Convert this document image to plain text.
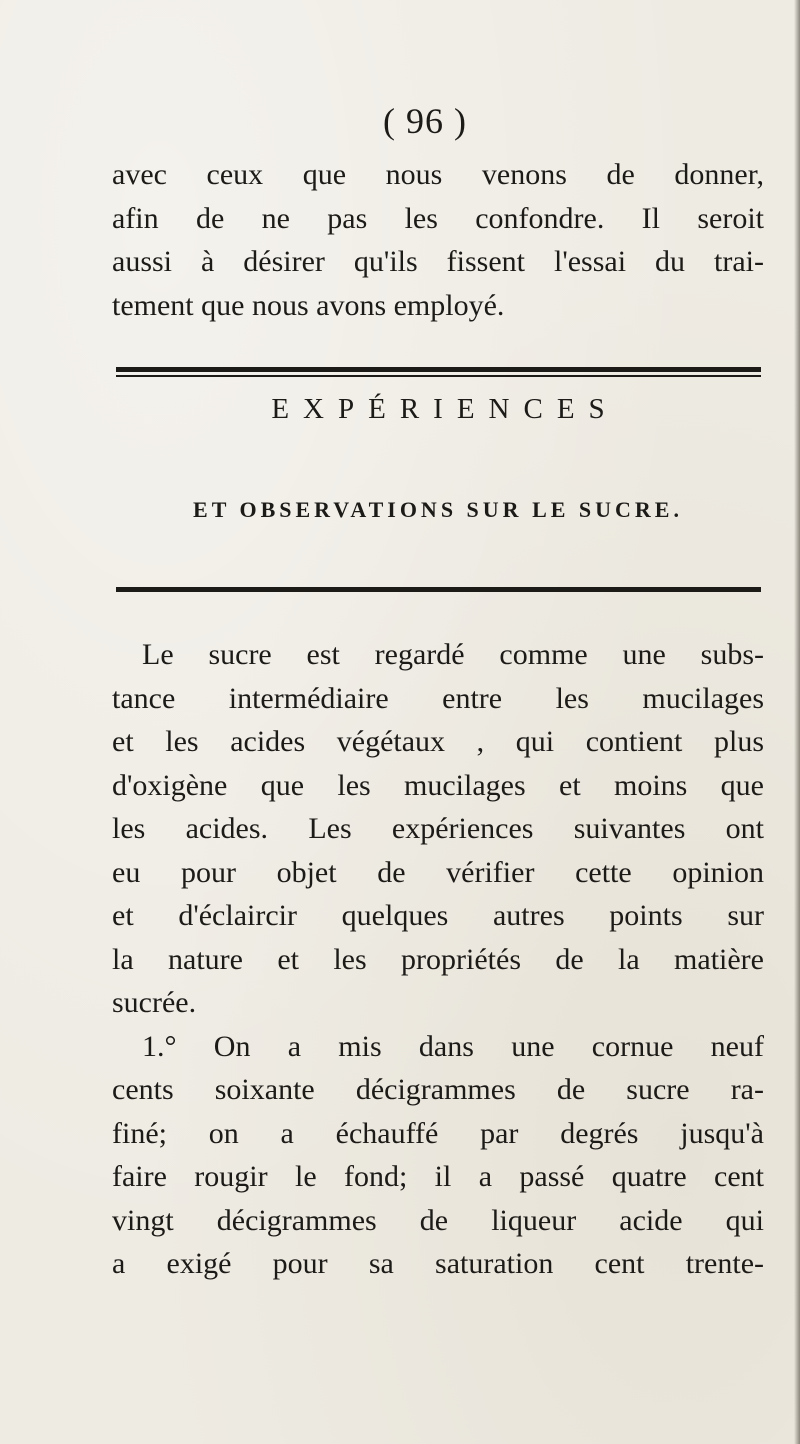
( 96 )
avec ceux que nous venons de donner,
afin de ne pas les confondre. Il seroit
aussi à désirer qu'ils fissent l'essai du trai-
tement que nous avons employé.
EXPÉRIENCES
ET OBSERVATIONS SUR LE SUCRE.
Le sucre est regardé comme une subs-
tance intermédiaire entre les mucilages
et les acides végétaux , qui contient plus
d'oxigène que les mucilages et moins que
les acides. Les expériences suivantes ont
eu pour objet de vérifier cette opinion
et d'éclaircir quelques autres points sur
la nature et les propriétés de la matière
sucrée.
1.° On a mis dans une cornue neuf
cents soixante décigrammes de sucre ra-
finé; on a échauffé par degrés jusqu'à
faire rougir le fond; il a passé quatre cent
vingt décigrammes de liqueur acide qui
a exigé pour sa saturation cent trente-
